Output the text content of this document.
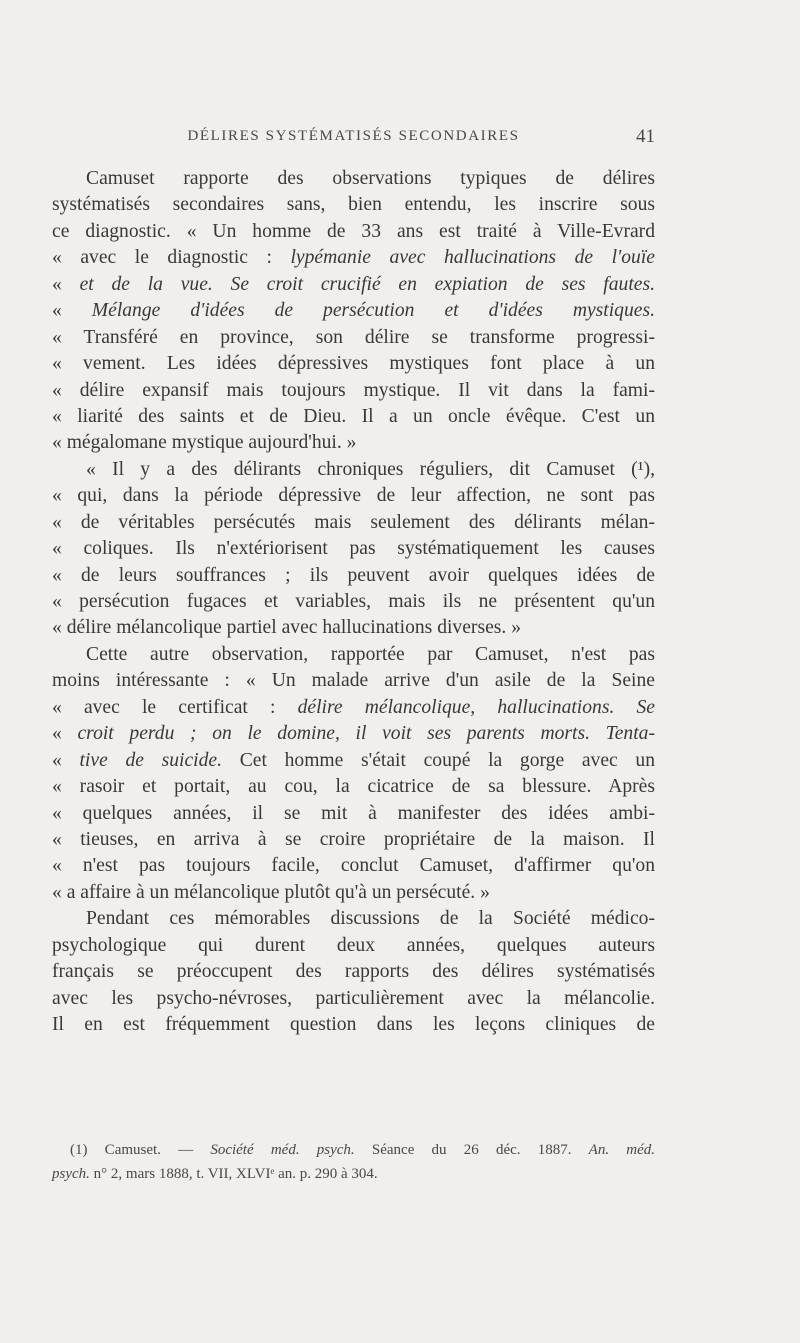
DÉLIRES SYSTÉMATISÉS SECONDAIRES	41
Camuset rapporte des observations typiques de délires
systématisés secondaires sans, bien entendu, les inscrire sous
ce diagnostic. « Un homme de 33 ans est traité à Ville-Evrard
« avec le diagnostic : lypémanie avec hallucinations de l'ouïe
« et de la vue. Se croit crucifié en expiation de ses fautes.
« Mélange d'idées de persécution et d'idées mystiques.
« Transféré en province, son délire se transforme progressi-
« vement. Les idées dépressives mystiques font place à un
« délire expansif mais toujours mystique. Il vit dans la fami-
« liarité des saints et de Dieu. Il a un oncle évêque. C'est un
« mégalomane mystique aujourd'hui. »
« Il y a des délirants chroniques réguliers, dit Camuset (¹),
« qui, dans la période dépressive de leur affection, ne sont pas
« de véritables persécutés mais seulement des délirants mélan-
« coliques. Ils n'extériorisent pas systématiquement les causes
« de leurs souffrances ; ils peuvent avoir quelques idées de
« persécution fugaces et variables, mais ils ne présentent qu'un
« délire mélancolique partiel avec hallucinations diverses. »
Cette autre observation, rapportée par Camuset, n'est pas
moins intéressante : « Un malade arrive d'un asile de la Seine
« avec le certificat : délire mélancolique, hallucinations. Se
« croit perdu ; on le domine, il voit ses parents morts. Tenta-
« tive de suicide. Cet homme s'était coupé la gorge avec un
« rasoir et portait, au cou, la cicatrice de sa blessure. Après
« quelques années, il se mit à manifester des idées ambi-
« tieuses, en arriva à se croire propriétaire de la maison. Il
« n'est pas toujours facile, conclut Camuset, d'affirmer qu'on
« a affaire à un mélancolique plutôt qu'à un persécuté. »
Pendant ces mémorables discussions de la Société médico-
psychologique qui durent deux années, quelques auteurs
français se préoccupent des rapports des délires systématisés
avec les psycho-névroses, particulièrement avec la mélancolie.
Il en est fréquemment question dans les leçons cliniques de
(1) Camuset. — Société méd. psych. Séance du 26 déc. 1887. An. méd.
psych. n° 2, mars 1888, t. VII, XLVIᵉ an. p. 290 à 304.
